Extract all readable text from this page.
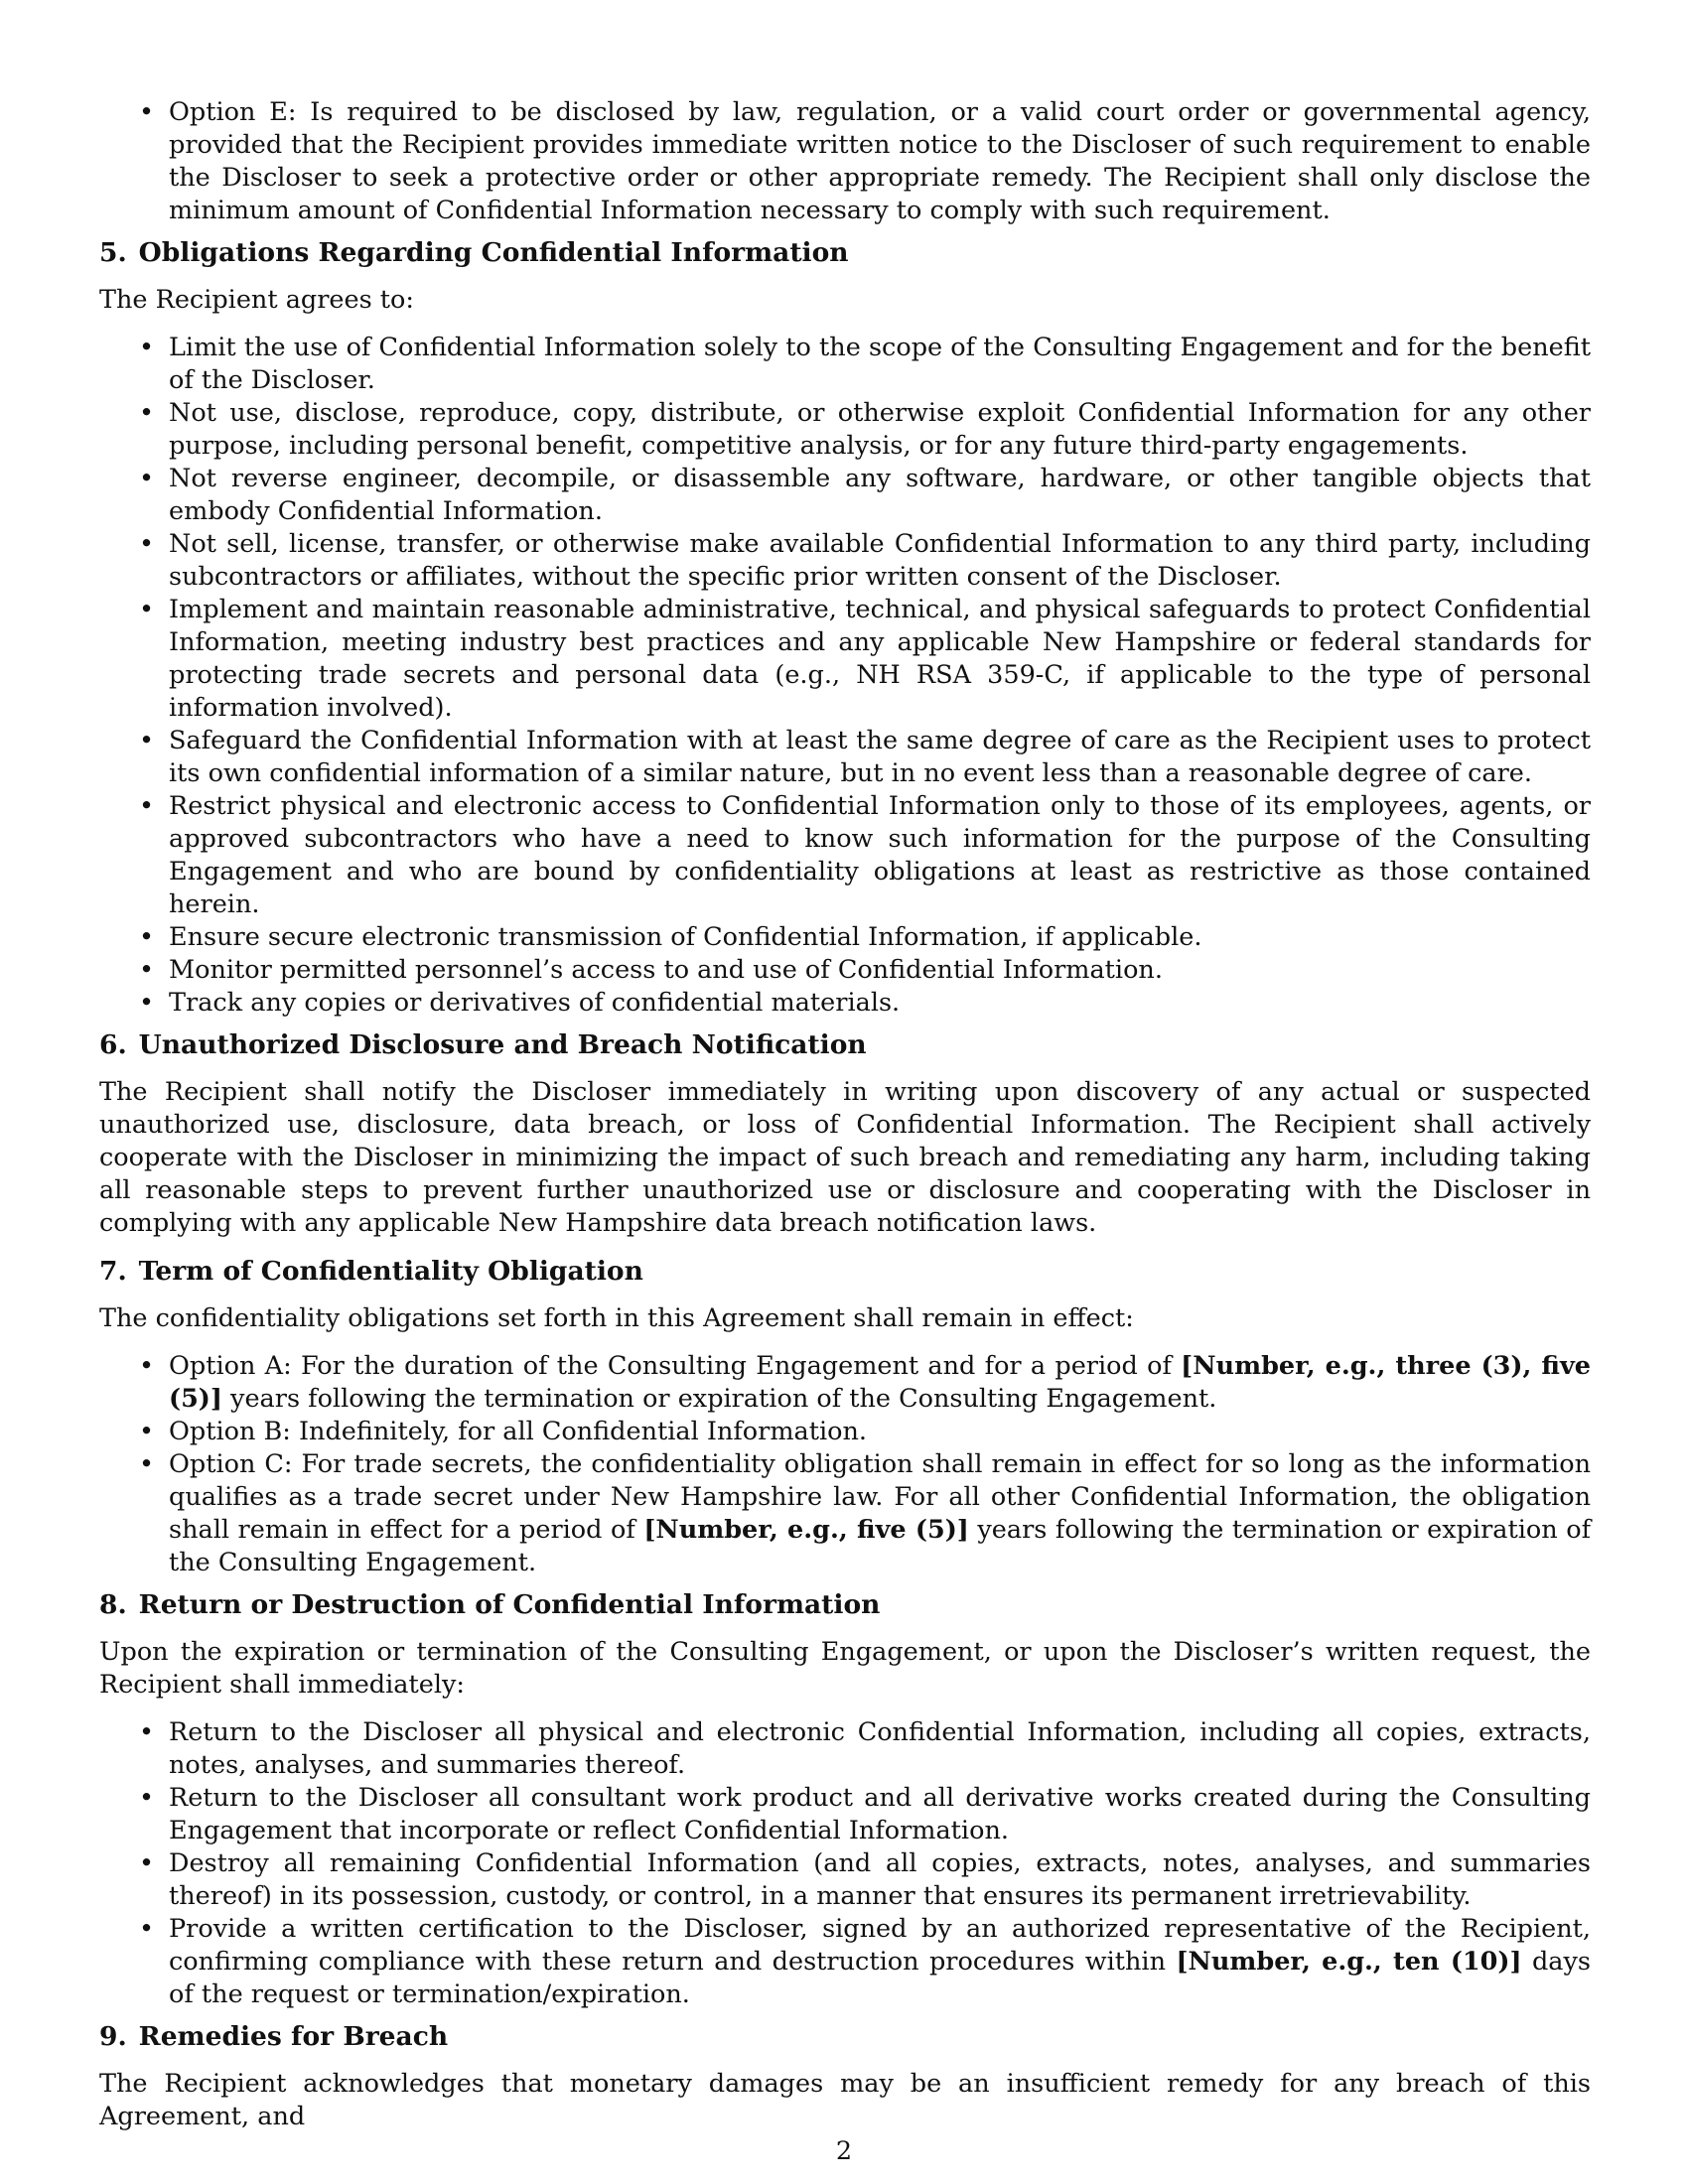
• Option E: Is required to be disclosed by law, regulation, or a valid court order or governmental agency, provided that the Recipient provides immediate written notice to the Discloser of such requirement to enable the Discloser to seek a protective order or other appropriate remedy. The Recipient shall only disclose the minimum amount of Confidential Information necessary to comply with such requirement.
5. Obligations Regarding Confidential Information

The Recipient agrees to:

• Limit the use of Confidential Information solely to the scope of the Consulting Engagement and for the benefit of the Discloser.
• Not use, disclose, reproduce, copy, distribute, or otherwise exploit Confidential Information for any other purpose, including personal benefit, competitive analysis, or for any future third-party engagements.
• Not reverse engineer, decompile, or disassemble any software, hardware, or other tangible objects that embody Confidential Information.
• Not sell, license, transfer, or otherwise make available Confidential Information to any third party, including subcontractors or affiliates, without the specific prior written consent of the Discloser.
• Implement and maintain reasonable administrative, technical, and physical safeguards to protect Confidential Information, meeting industry best practices and any applicable New Hampshire or federal standards for protecting trade secrets and personal data (e.g., NH RSA 359-C, if applicable to the type of personal information involved).
• Safeguard the Confidential Information with at least the same degree of care as the Recipient uses to protect its own confidential information of a similar nature, but in no event less than a reasonable degree of care.
• Restrict physical and electronic access to Confidential Information only to those of its employees, agents, or approved subcontractors who have a need to know such information for the purpose of the Consulting Engagement and who are bound by confidentiality obligations at least as restrictive as those contained herein.
• Ensure secure electronic transmission of Confidential Information, if applicable.
• Monitor permitted personnel’s access to and use of Confidential Information.
• Track any copies or derivatives of confidential materials.
6. Unauthorized Disclosure and Breach Notification

The Recipient shall notify the Discloser immediately in writing upon discovery of any actual or suspected unauthorized use, disclosure, data breach, or loss of Confidential Information. The Recipient shall actively cooperate with the Discloser in minimizing the impact of such breach and remediating any harm, including taking all reasonable steps to prevent further unauthorized use or disclosure and cooperating with the Discloser in complying with any applicable New Hampshire data breach notification laws.

7. Term of Confidentiality Obligation

The confidentiality obligations set forth in this Agreement shall remain in effect:

• Option A: For the duration of the Consulting Engagement and for a period of [Number, e.g., three (3), five (5)] years following the termination or expiration of the Consulting Engagement.
• Option B: Indefinitely, for all Confidential Information.
• Option C: For trade secrets, the confidentiality obligation shall remain in effect for so long as the information qualifies as a trade secret under New Hampshire law. For all other Confidential Information, the obligation shall remain in effect for a period of [Number, e.g., five (5)] years following the termination or expiration of the Consulting Engagement.
8. Return or Destruction of Confidential Information

Upon the expiration or termination of the Consulting Engagement, or upon the Discloser’s written request, the Recipient shall immediately:

• Return to the Discloser all physical and electronic Confidential Information, including all copies, extracts, notes, analyses, and summaries thereof.
• Return to the Discloser all consultant work product and all derivative works created during the Consulting Engagement that incorporate or reflect Confidential Information.
• Destroy all remaining Confidential Information (and all copies, extracts, notes, analyses, and summaries thereof) in its possession, custody, or control, in a manner that ensures its permanent irretrievability.
• Provide a written certification to the Discloser, signed by an authorized representative of the Recipient, confirming compliance with these return and destruction procedures within [Number, e.g., ten (10)] days of the request or termination/expiration.
9. Remedies for Breach

The Recipient acknowledges that monetary damages may be an insufficient remedy for any breach of this Agreement, and

2
